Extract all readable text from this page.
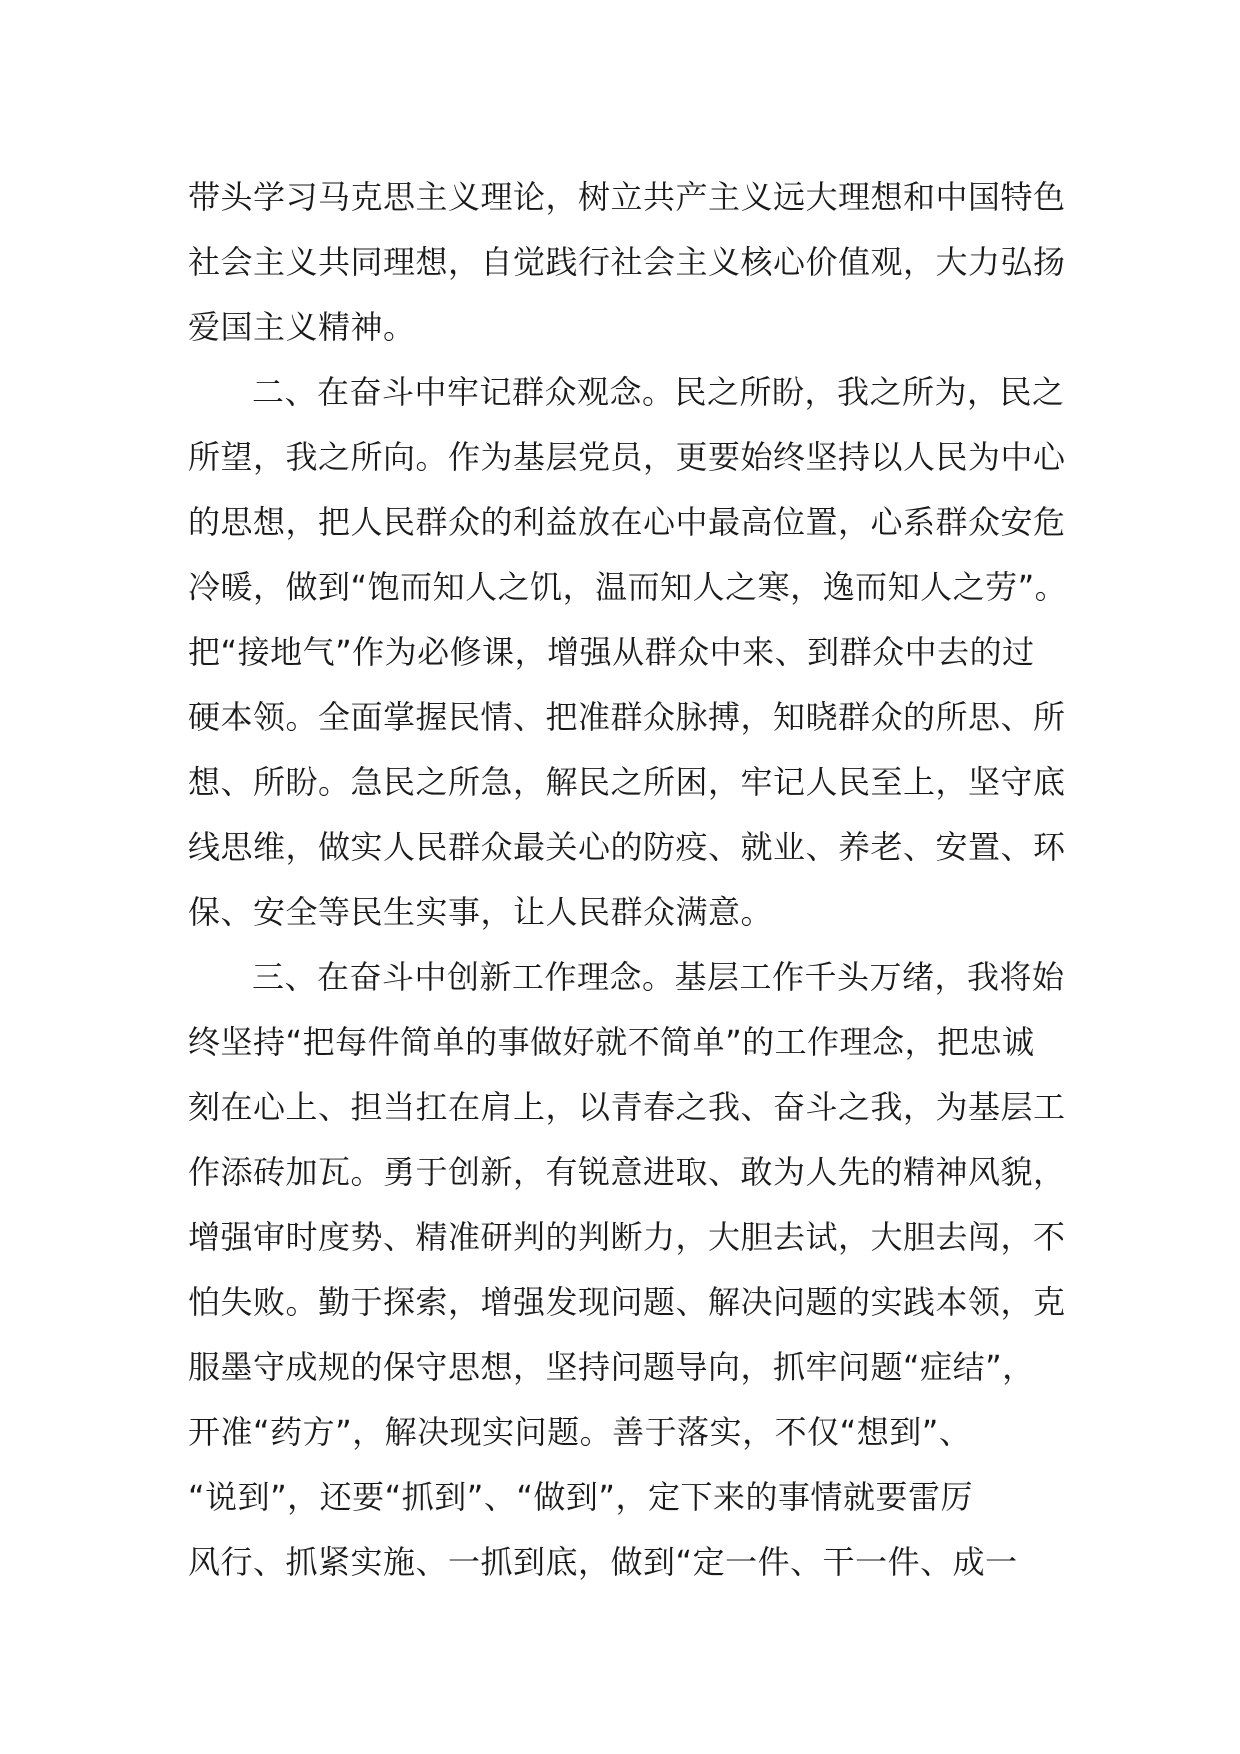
带头学习马克思主义理论，树立共产主义远大理想和中国特色
社会主义共同理想，自觉践行社会主义核心价值观，大力弘扬
爱国主义精神。
二、在奋斗中牢记群众观念。民之所盼，我之所为，民之
所望，我之所向。作为基层党员，更要始终坚持以人民为中心
的思想，把人民群众的利益放在心中最高位置，心系群众安危
冷暖，做到“饱而知人之饥，温而知人之寒，逸而知人之劳”。
把“接地气”作为必修课，增强从群众中来、到群众中去的过
硬本领。全面掌握民情、把准群众脉搏，知晓群众的所思、所
想、所盼。急民之所急，解民之所困，牢记人民至上，坚守底
线思维，做实人民群众最关心的防疫、就业、养老、安置、环
保、安全等民生实事，让人民群众满意。
三、在奋斗中创新工作理念。基层工作千头万绪，我将始
终坚持“把每件简单的事做好就不简单”的工作理念，把忠诚
刻在心上、担当扛在肩上，以青春之我、奋斗之我，为基层工
作添砖加瓦。勇于创新，有锐意进取、敢为人先的精神风貌，
增强审时度势、精准研判的判断力，大胆去试，大胆去闯，不
怕失败。勤于探索，增强发现问题、解决问题的实践本领，克
服墨守成规的保守思想，坚持问题导向，抓牢问题“症结”，
开准“药方”，解决现实问题。善于落实，不仅“想到”、
“说到”，还要“抓到”、“做到”，定下来的事情就要雷厉
风行、抓紧实施、一抓到底，做到“定一件、干一件、成一
